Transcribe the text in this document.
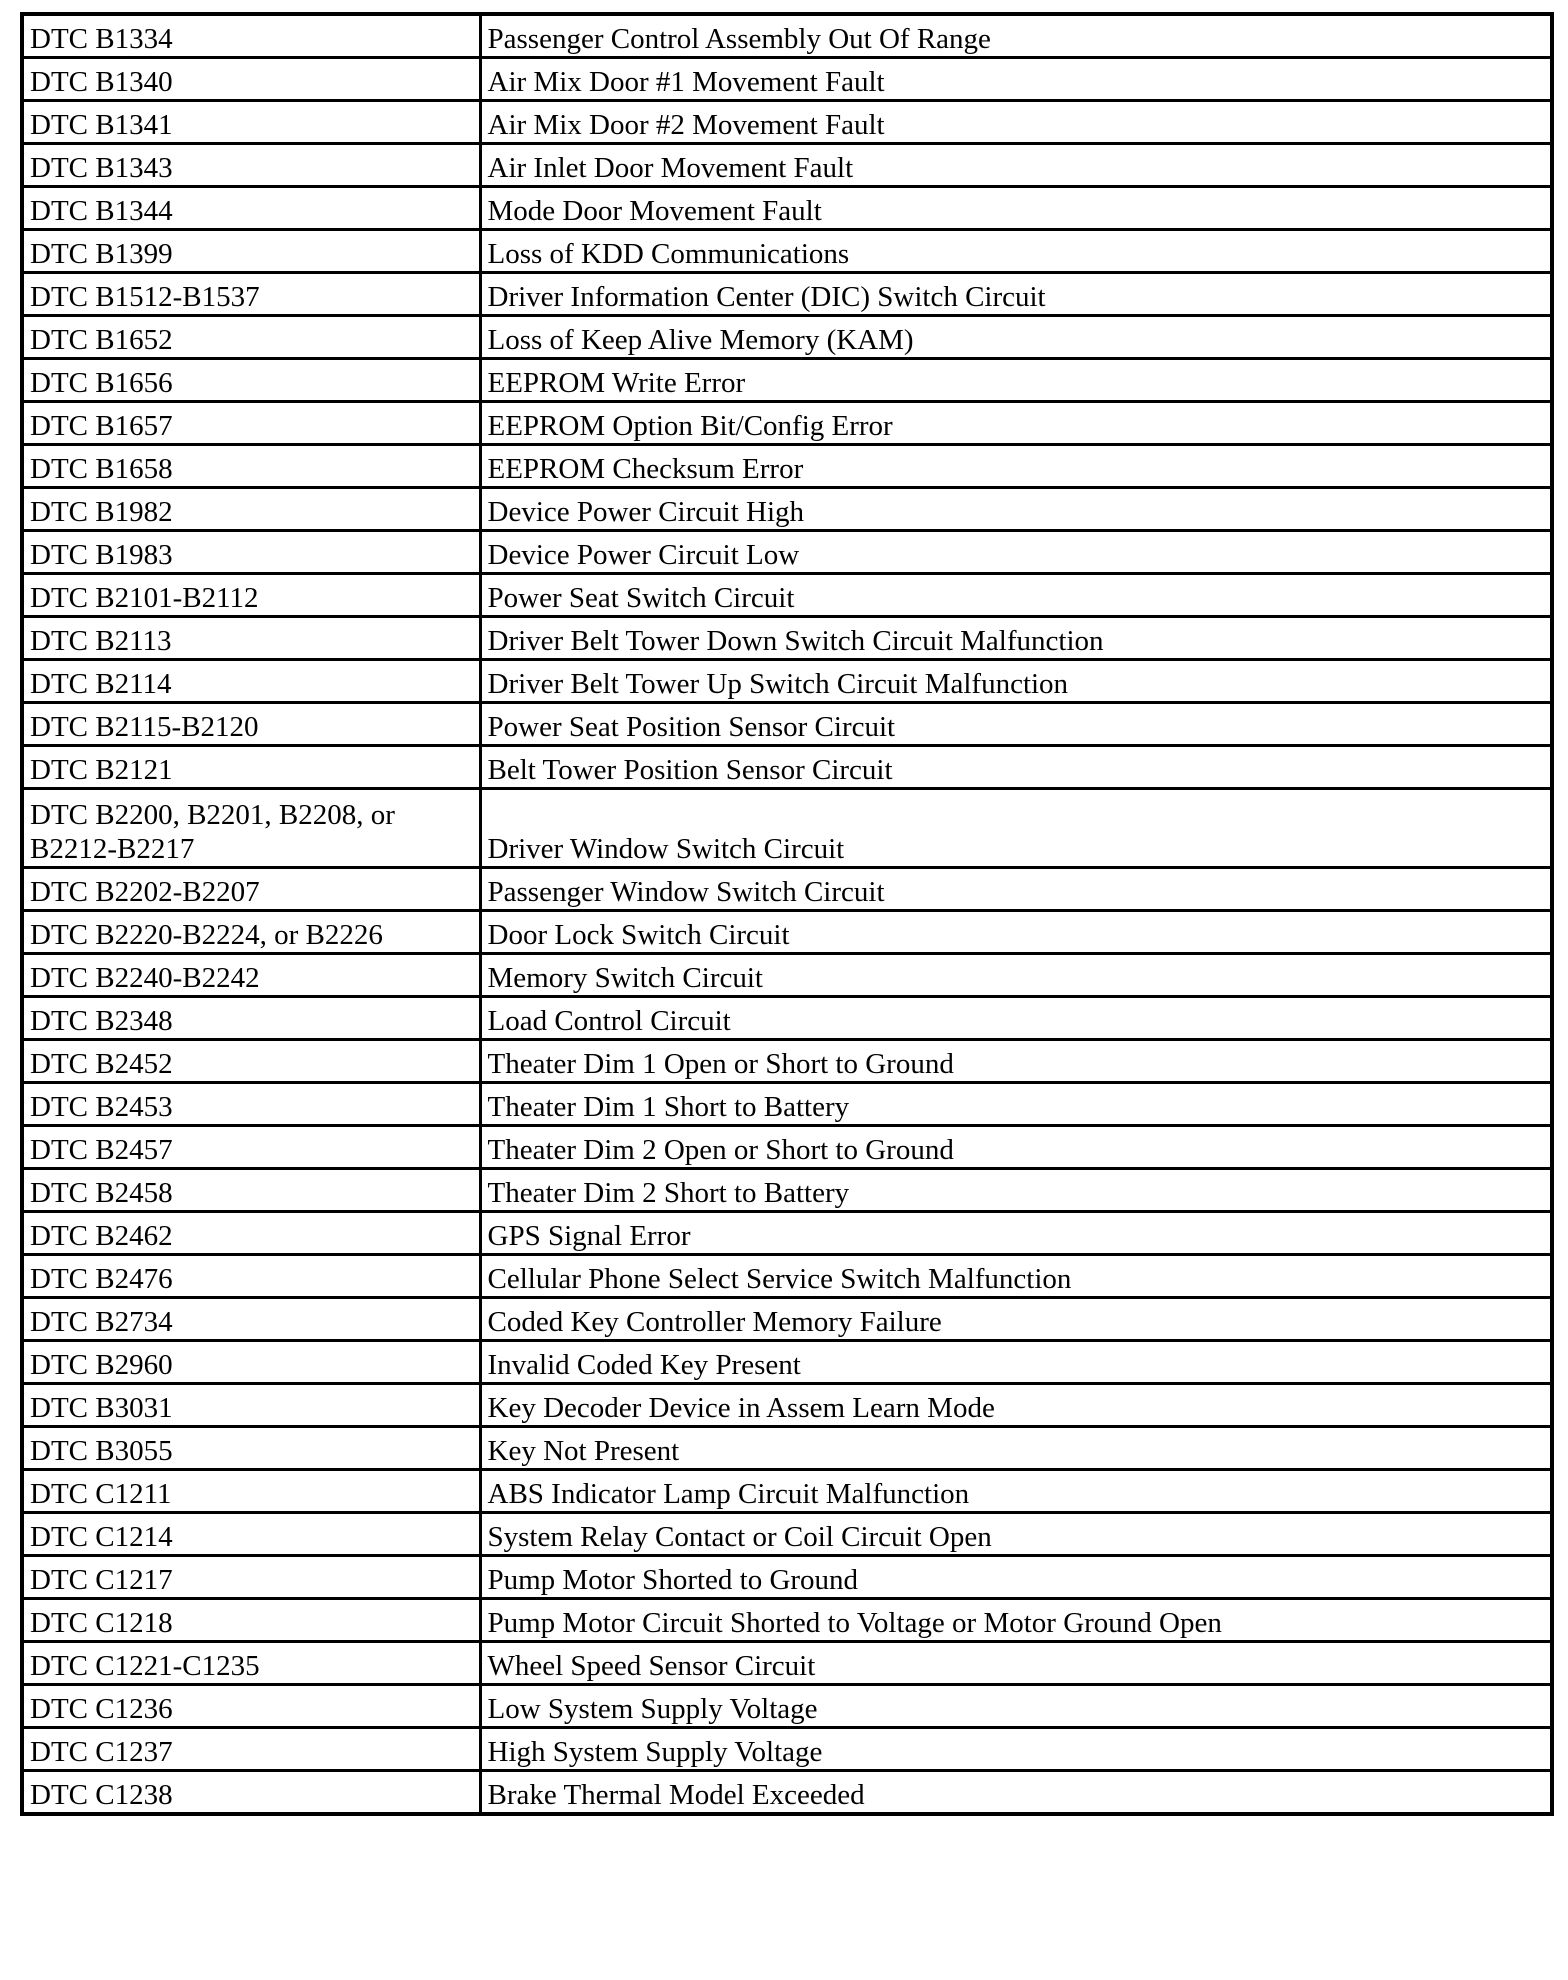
DTC B1334	Passenger Control Assembly Out Of Range
DTC B1340	Air Mix Door #1 Movement Fault
DTC B1341	Air Mix Door #2 Movement Fault
DTC B1343	Air Inlet Door Movement Fault
DTC B1344	Mode Door Movement Fault
DTC B1399	Loss of KDD Communications
DTC B1512-B1537	Driver Information Center (DIC) Switch Circuit
DTC B1652	Loss of Keep Alive Memory (KAM)
DTC B1656	EEPROM Write Error
DTC B1657	EEPROM Option Bit/Config Error
DTC B1658	EEPROM Checksum Error
DTC B1982	Device Power Circuit High
DTC B1983	Device Power Circuit Low
DTC B2101-B2112	Power Seat Switch Circuit
DTC B2113	Driver Belt Tower Down Switch Circuit Malfunction
DTC B2114	Driver Belt Tower Up Switch Circuit Malfunction
DTC B2115-B2120	Power Seat Position Sensor Circuit
DTC B2121	Belt Tower Position Sensor Circuit
DTC B2200, B2201, B2208, or B2212-B2217	Driver Window Switch Circuit
DTC B2202-B2207	Passenger Window Switch Circuit
DTC B2220-B2224, or B2226	Door Lock Switch Circuit
DTC B2240-B2242	Memory Switch Circuit
DTC B2348	Load Control Circuit
DTC B2452	Theater Dim 1 Open or Short to Ground
DTC B2453	Theater Dim 1 Short to Battery
DTC B2457	Theater Dim 2 Open or Short to Ground
DTC B2458	Theater Dim 2 Short to Battery
DTC B2462	GPS Signal Error
DTC B2476	Cellular Phone Select Service Switch Malfunction
DTC B2734	Coded Key Controller Memory Failure
DTC B2960	Invalid Coded Key Present
DTC B3031	Key Decoder Device in Assem Learn Mode
DTC B3055	Key Not Present
DTC C1211	ABS Indicator Lamp Circuit Malfunction
DTC C1214	System Relay Contact or Coil Circuit Open
DTC C1217	Pump Motor Shorted to Ground
DTC C1218	Pump Motor Circuit Shorted to Voltage or Motor Ground Open
DTC C1221-C1235	Wheel Speed Sensor Circuit
DTC C1236	Low System Supply Voltage
DTC C1237	High System Supply Voltage
DTC C1238	Brake Thermal Model Exceeded
